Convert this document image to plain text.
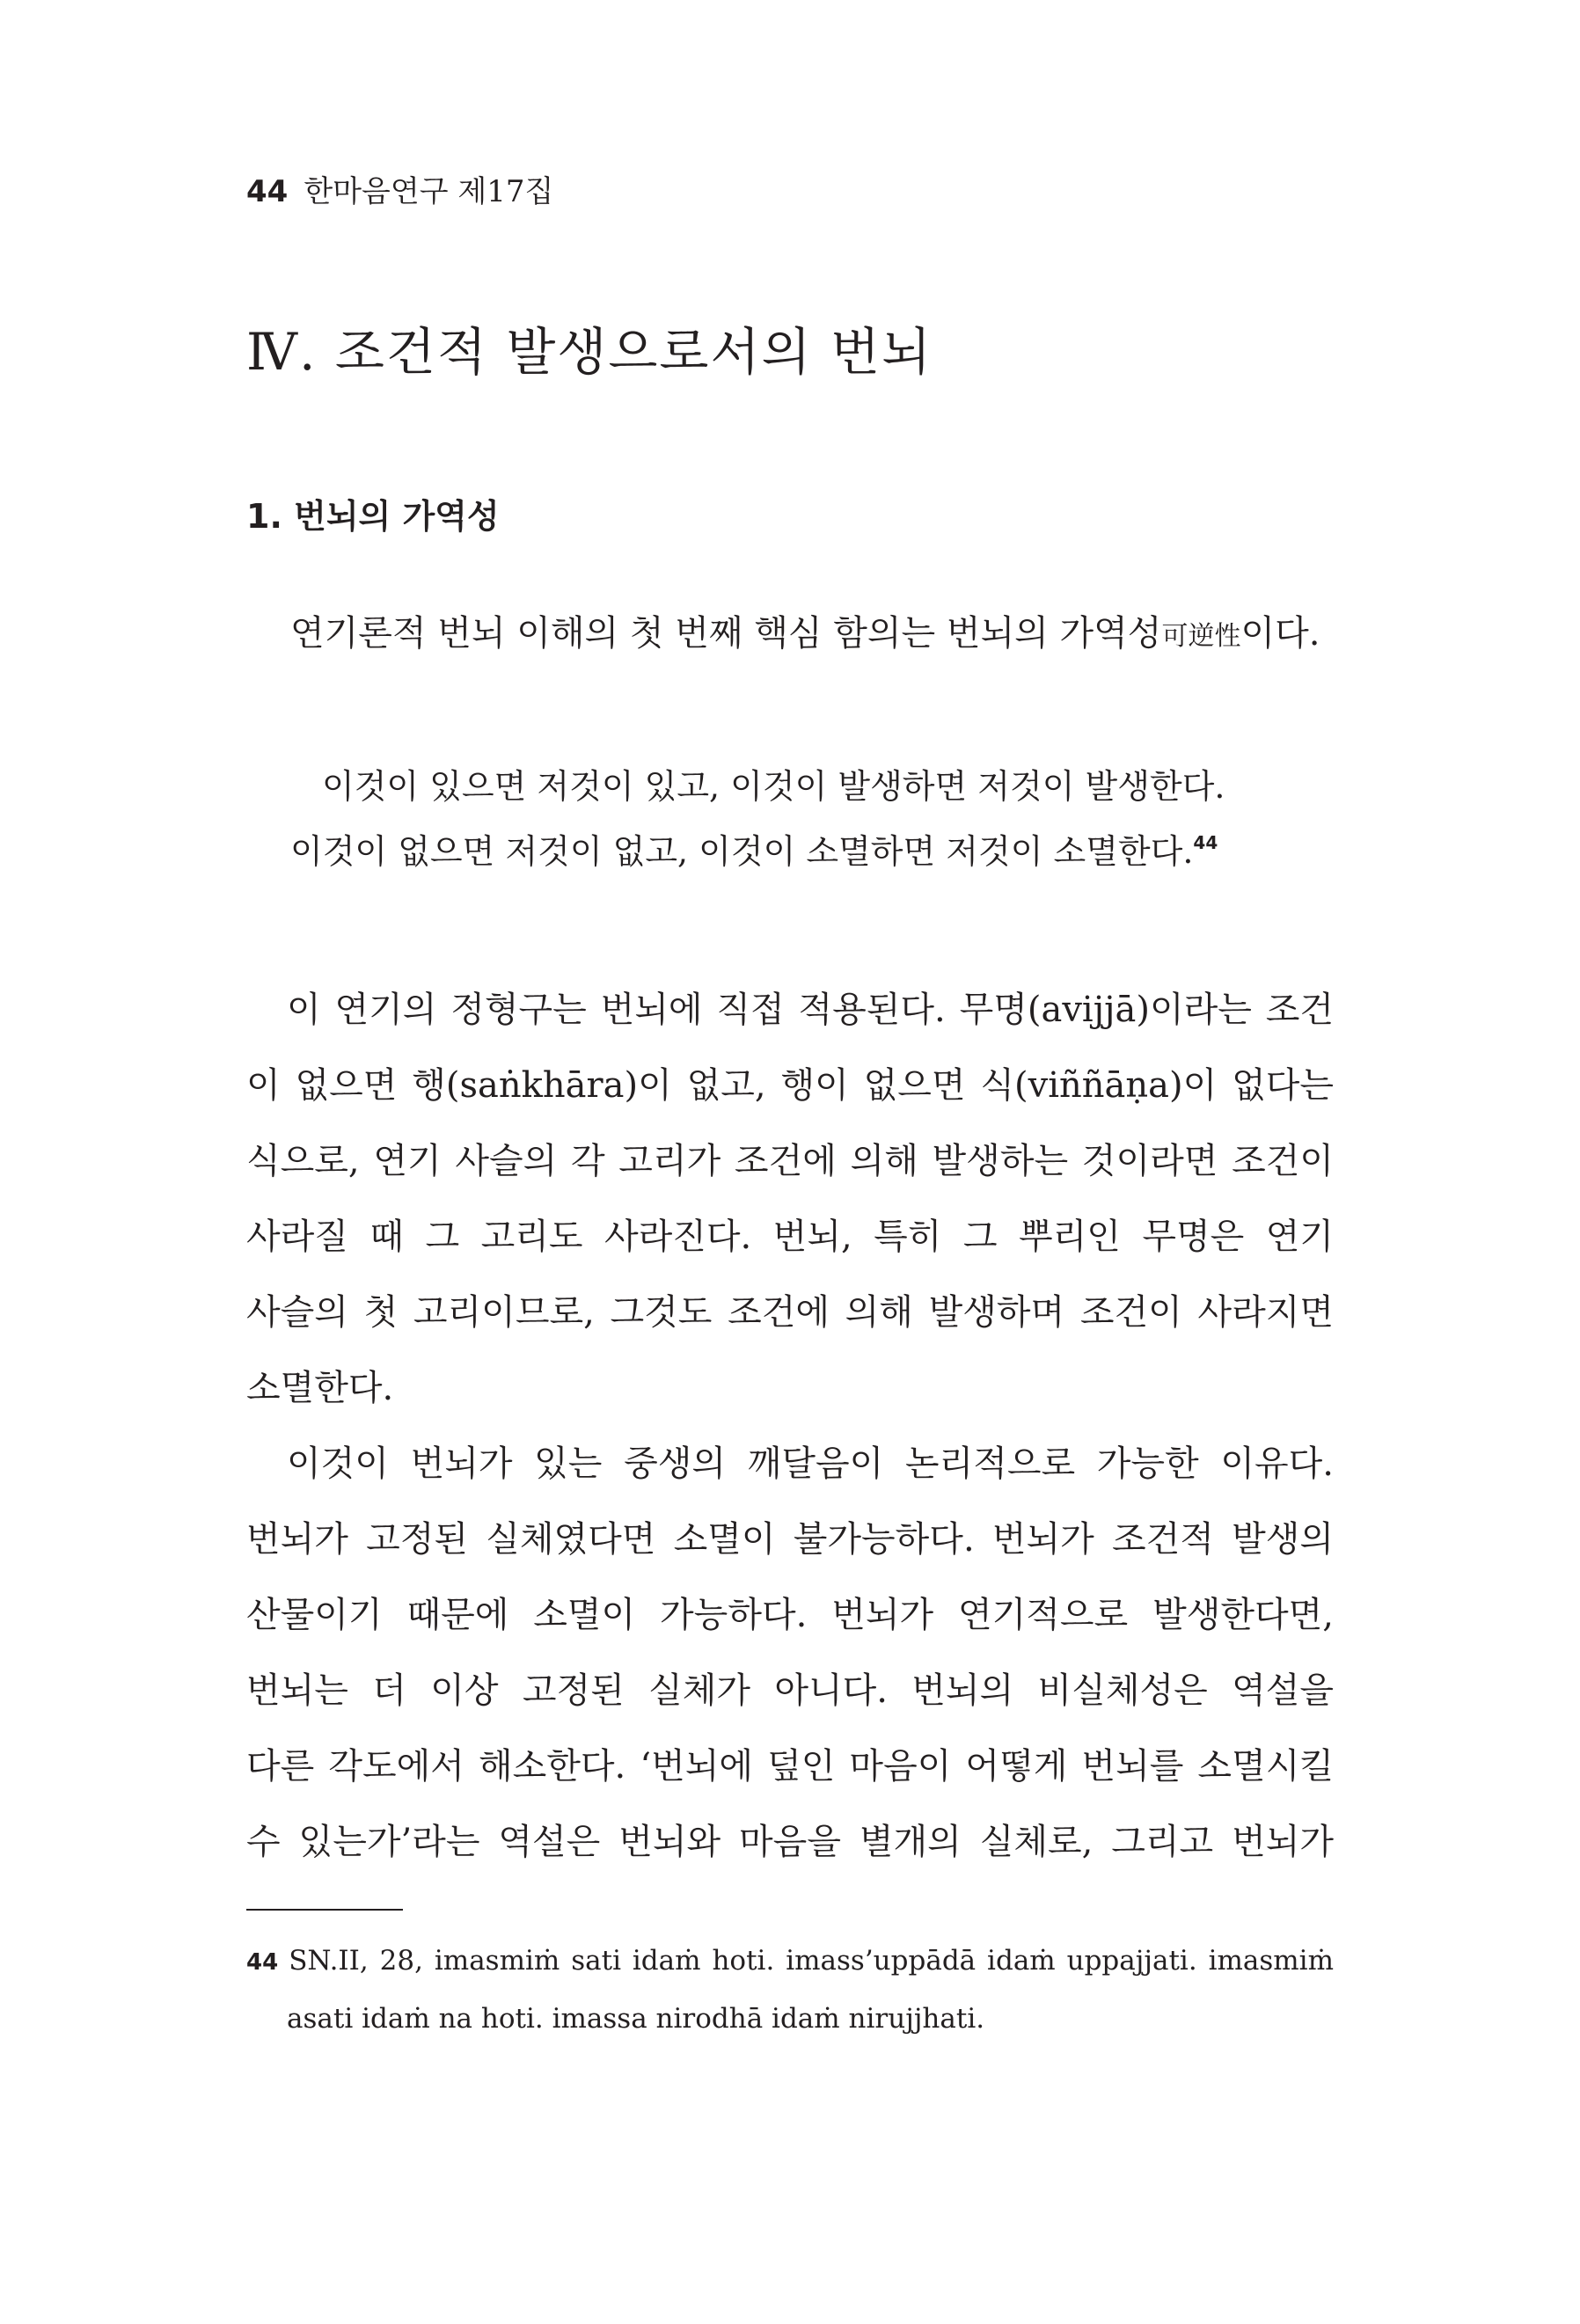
44 한마음연구 제17집
Ⅳ. 조건적 발생으로서의 번뇌
1. 번뇌의 가역성
연기론적 번뇌 이해의 첫 번째 핵심 함의는 번뇌의 가역성可逆性이다.
이것이 있으면 저것이 있고, 이것이 발생하면 저것이 발생한다.
이것이 없으면 저것이 없고, 이것이 소멸하면 저것이 소멸한다.$^{44}$
이 연기의 정형구는 번뇌에 직접 적용된다. 무명(avijjā)이라는 조건
이 없으면 행(saṅkhāra)이 없고, 행이 없으면 식(viññāṇa)이 없다는
식으로, 연기 사슬의 각 고리가 조건에 의해 발생하는 것이라면 조건이
사라질 때 그 고리도 사라진다. 번뇌, 특히 그 뿌리인 무명은 연기
사슬의 첫 고리이므로, 그것도 조건에 의해 발생하며 조건이 사라지면
소멸한다.
이것이 번뇌가 있는 중생의 깨달음이 논리적으로 가능한 이유다.
번뇌가 고정된 실체였다면 소멸이 불가능하다. 번뇌가 조건적 발생의
산물이기 때문에 소멸이 가능하다. 번뇌가 연기적으로 발생한다면,
번뇌는 더 이상 고정된 실체가 아니다. 번뇌의 비실체성은 역설을
다른 각도에서 해소한다. ‘번뇌에 덮인 마음이 어떻게 번뇌를 소멸시킬
수 있는가’라는 역설은 번뇌와 마음을 별개의 실체로, 그리고 번뇌가
44 SN.II, 28, imasmiṁ sati idaṁ hoti. imass’uppādā idaṁ uppajjati. imasmiṁ
asati idaṁ na hoti. imassa nirodhā idaṁ nirujjhati.
